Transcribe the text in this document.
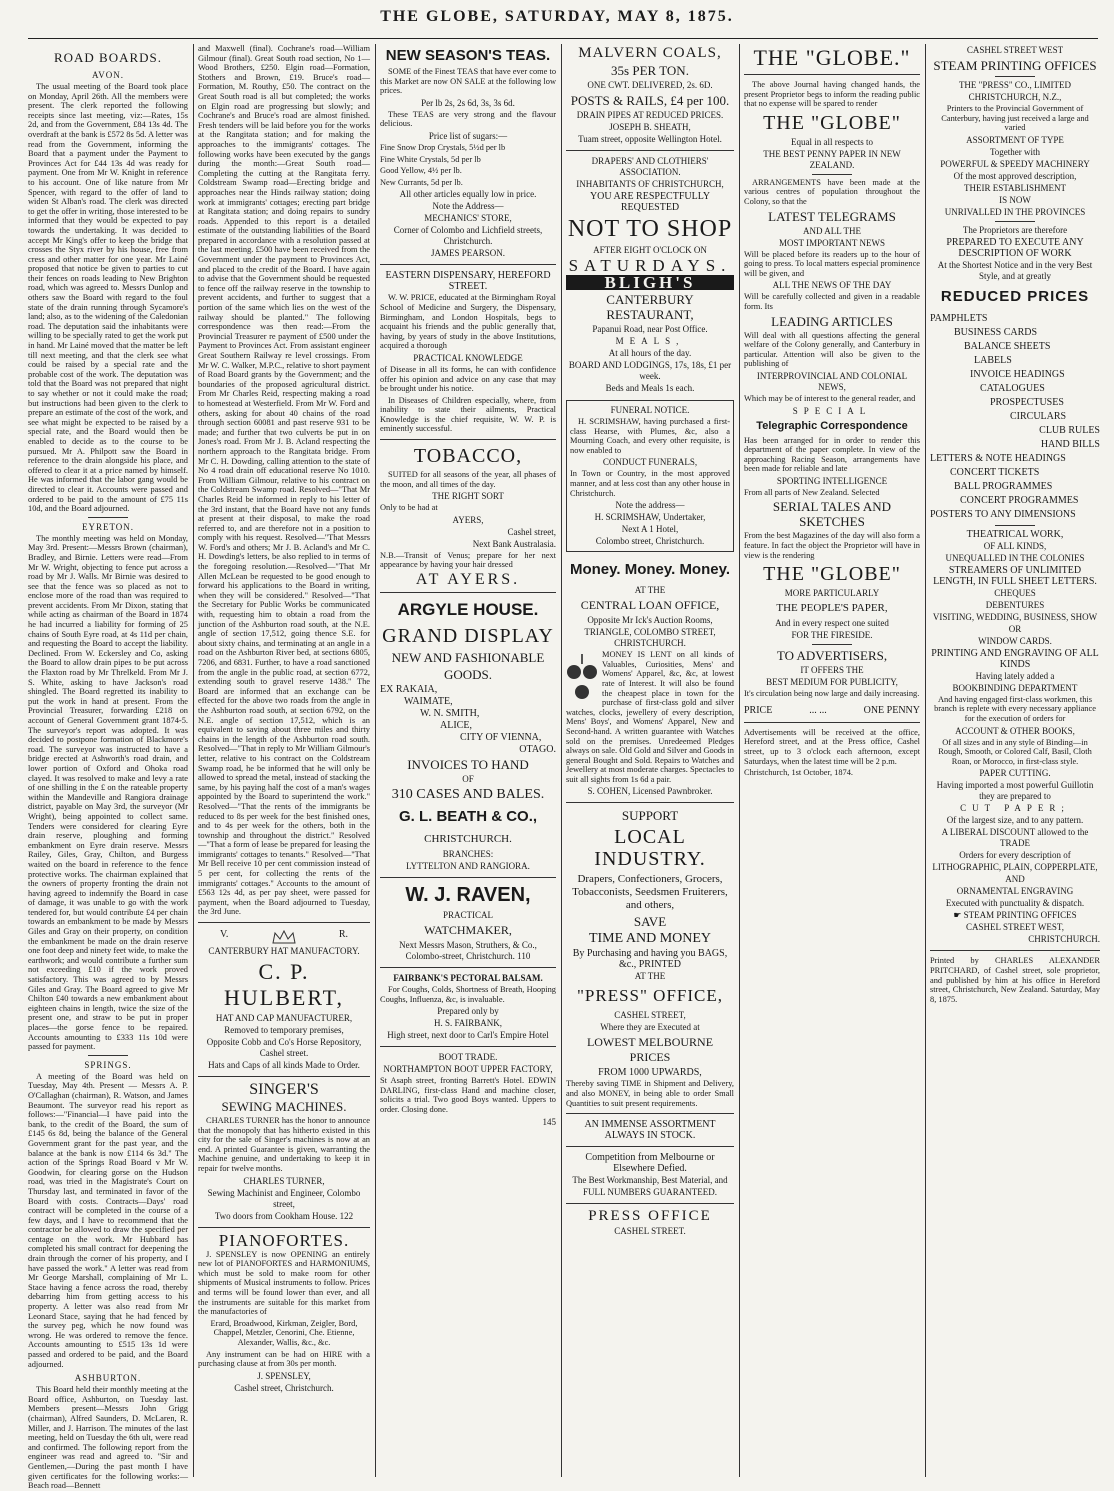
THE GLOBE, SATURDAY, MAY 8, 1875.
ROAD BOARDS.
AVON.

The usual meeting of the Board took place on Monday, April 26th. All the members were present. The clerk reported the following receipts since last meeting, viz:—Rates, 15s 2d, and from the Government, £84 13s 4d. The overdraft at the bank is £572 8s 5d. A letter was read from the Government, informing the Board that a payment under the Payment to Provinces Act for £44 13s 4d was ready for payment. One from Mr W. Knight in reference to his account. One of like nature from Mr Spencer, with regard to the offer of land to widen St Alban's road. The clerk was directed to get the offer in writing, those interested to be informed that they would be expected to pay towards the undertaking. It was decided to accept Mr King's offer to keep the bridge that crosses the Styx river by his house, free from cress and other matter for one year. Mr Lainé proposed that notice be given to parties to cut their fences on roads leading to New Brighton road, which was agreed to. Messrs Dunlop and others saw the Board with regard to the foul state of the drain running through Sycamore's land; also, as to the widening of the Caledonian road. The deputation said the inhabitants were willing to be specially rated to get the work put in hand. Mr Lainé moved that the matter be left till next meeting, and that the clerk see what could be raised by a special rate and the probable cost of the work. The deputation was told that the Board was not prepared that night to say whether or not it could make the road; but instructions had been given to the clerk to prepare an estimate of the cost of the work, and see what might be expected to be raised by a special rate, and the Board would then be enabled to decide as to the course to be pursued. Mr A. Philpott saw the Board in reference to the drain alongside his place, and offered to clear it at a price named by himself. He was informed that the labor gang would be directed to clear it. Accounts were passed and ordered to be paid to the amount of £75 11s 10d, and the Board adjourned.

EYRETON.

The monthly meeting was held on Monday, May 3rd. Present:—Messrs Brown (chairman), Bradley, and Birnie. Letters were read—From Mr W. Wright, objecting to fence put across a road by Mr J. Walls. Mr Birnie was desired to see that the fence was so placed as not to enclose more of the road than was required to prevent accidents. From Mr Dixon, stating that while acting as chairman of the Board in 1874 he had incurred a liability for forming of 25 chains of South Eyre road, at 4s 11d per chain, and requesting the Board to accept the liability. Declined. From W. Eckersley and Co, asking the Board to allow drain pipes to be put across the Flaxton road by Mr Threlkeld. From Mr J. S. White, asking to have Jackson's road shingled. The Board regretted its inability to put the work in hand at present. From the Provincial Treasurer, forwarding £218 on account of General Government grant 1874-5. The surveyor's report was adopted. It was decided to postpone formation of Blackmore's road. The surveyor was instructed to have a bridge erected at Ashworth's road drain, and lower portion of Oxford and Ohoka road clayed. It was resolved to make and levy a rate of one shilling in the £ on the rateable property within the Mandeville and Rangiora drainage district, payable on May 3rd, the surveyor (Mr Wright), being appointed to collect same. Tenders were considered for clearing Eyre drain reserve, ploughing and forming embankment on Eyre drain reserve. Messrs Railey, Giles, Gray, Chilton, and Burgess waited on the board in reference to the fence protective works. The chairman explained that the owners of property fronting the drain not having agreed to indemnify the Board in case of damage, it was unable to go with the work tendered for, but would contribute £4 per chain towards an embankment to be made by Messrs Giles and Gray on their property, on condition the embankment be made on the drain reserve one foot deep and ninety feet wide, to make the earthwork; and would contribute a further sum not exceeding £10 if the work proved satisfactory. This was agreed to by Messrs Giles and Gray. The Board agreed to give Mr Chilton £40 towards a new embankment about eighteen chains in length, twice the size of the present one, and straw to be put in proper places—the gorse fence to be repaired. Accounts amounting to £333 11s 10d were passed for payment.

SPRINGS.

A meeting of the Board was held on Tuesday, May 4th. Present — Messrs A. P. O'Callaghan (chairman), R. Watson, and James Beaumont. The surveyor read his report as follows:—"Financial—I have paid into the bank, to the credit of the Board, the sum of £145 6s 8d, being the balance of the General Government grant for the past year, and the balance at the bank is now £114 6s 3d." The action of the Springs Road Board v Mr W. Goodwin, for clearing gorse on the Hudson road, was tried in the Magistrate's Court on Thursday last, and terminated in favor of the Board with costs. Contracts—Days' road contract will be completed in the course of a few days, and I have to recommend that the contractor be allowed to draw the specified per centage on the work. Mr Hubbard has completed his small contract for deepening the drain through the corner of his property, and I have passed the work." A letter was read from Mr George Marshall, complaining of Mr L. Stace having a fence across the road, thereby debarring him from getting access to his property. A letter was also read from Mr Leonard Stace, saying that he had fenced by the survey peg, which he now found was wrong. He was ordered to remove the fence. Accounts amounting to £515 13s 1d were passed and ordered to be paid, and the Board adjourned.

ASHBURTON.

This Board held their monthly meeting at the Board office, Ashburton, on Tuesday last. Members present—Messrs John Grigg (chairman), Alfred Saunders, D. McLaren, R. Miller, and J. Harrison. The minutes of the last meeting, held on Tuesday the 6th ult, were read and confirmed. The following report from the engineer was read and agreed to. "Sir and Gentlemen,—During the past month I have given certificates for the following works:—Beach road—Bennett

and Maxwell (final). Cochrane's road—William Gilmour (final). Great South road section, No 1—Wood Brothers, £250. Elgin road—Formation, Stothers and Brown, £19. Bruce's road—Formation, M. Routhy, £50. The contract on the Great South road is all but completed; the works on Elgin road are progressing but slowly; and Cochrane's and Bruce's road are almost finished. Fresh tenders will be laid before you for the works at the Rangitata station; and for making the approaches to the immigrants' cottages. The following works have been executed by the gangs during the month:—Great South road—Completing the cutting at the Rangitata ferry. Coldstream Swamp road—Erecting bridge and approaches near the Hinds railway station; doing work at immigrants' cottages; erecting part bridge at Rangitata station; and doing repairs to sundry roads. Appended to this report is a detailed estimate of the outstanding liabilities of the Board prepared in accordance with a resolution passed at the last meeting. £500 have been received from the Government under the payment to Provinces Act, and placed to the credit of the Board. I have again to advise that the Government should be requested to fence off the railway reserve in the township to prevent accidents, and further to suggest that a portion of the same which lies on the west of the railway should be planted." The following correspondence was then read:—From the Provincial Treasurer re payment of £500 under the Payment to Provinces Act. From assistant engineer Great Southern Railway re level crossings. From Mr W. C. Walker, M.P.C., relative to short payment of Road Board grants by the Government; and the boundaries of the proposed agricultural district. From Mr Charles Reid, respecting making a road to homestead at Westerfield. From Mr W. Ford and others, asking for about 40 chains of the road through section 60081 and past reserve 931 to be made; and further that two culverts be put in on Jones's road. From Mr J. B. Acland respecting the northern approach to the Rangitata bridge. From Mr C. H. Dowding, calling attention to the state of No 4 road drain off educational reserve No 1010. From William Gilmour, relative to his contract on the Coldstream Swamp road. Resolved—"That Mr Charles Reid be informed in reply to his letter of the 3rd instant, that the Board have not any funds at present at their disposal, to make the road referred to, and are therefore not in a position to comply with his request. Resolved—"That Messrs W. Ford's and others; Mr J. B. Acland's and Mr C. H. Dowding's letters, be also replied to in terms of the foregoing resolution.—Resolved—"That Mr Allen McLean be requested to be good enough to forward his applications to the Board in writing, when they will be considered." Resolved—"That the Secretary for Public Works be communicated with, requesting him to obtain a road from the junction of the Ashburton road south, at the N.E. angle of section 17,512, going thence S.E. for about sixty chains, and terminating at an angle in a road on the Ashburton River bed, at sections 6805, 7206, and 6831. Further, to have a road sanctioned from the angle in the public road, at section 6772, extending south to gravel reserve 1438." The Board are informed that an exchange can be effected for the above two roads from the angle in the Ashburton road south, at section 6792, on the N.E. angle of section 17,512, which is an equivalent to saving about three miles and thirty chains in the length of the Ashburton road south. Resolved—"That in reply to Mr William Gilmour's letter, relative to his contract on the Coldstream Swamp road, he be informed that he will only be allowed to spread the metal, instead of stacking the same, by his paying half the cost of a man's wages appointed by the Board to superintend the work." Resolved—"That the rents of the immigrants be reduced to 8s per week for the best finished ones, and to 4s per week for the others, both in the township and throughout the district." Resolved—"That a form of lease be prepared for leasing the immigrants' cottages to tenants." Resolved—"That Mr Bell receive 10 per cent commission instead of 5 per cent, for collecting the rents of the immigrants' cottages." Accounts to the amount of £563 12s 4d, as per pay sheet, were passed for payment, when the Board adjourned to Tuesday, the 3rd June.

V.	R.
CANTERBURY HAT MANUFACTORY.
C. P. HULBERT,
HAT AND CAP MANUFACTURER,
Removed to temporary premises,
Opposite Cobb and Co's Horse Repository, Cashel street.
Hats and Caps of all kinds Made to Order.
SINGER'S
SEWING MACHINES.

CHARLES TURNER has the honor to announce that the monopoly that has hitherto existed in this city for the sale of Singer's machines is now at an end. A printed Guarantee is given, warranting the Machine genuine, and undertaking to keep it in repair for twelve months.

CHARLES TURNER,
Sewing Machinist and Engineer, Colombo street,
Two doors from Cookham House. 122
PIANOFORTES.

J. SPENSLEY is now OPENING an entirely new lot of PIANOFORTES and HARMONIUMS, which must be sold to make room for other shipments of Musical instruments to follow. Prices and terms will be found lower than ever, and all the instruments are suitable for this market from the manufactories of

Erard, Broadwood, Kirkman, Zeigler, Bord, Chappel, Metzler, Cenorini, Che. Etienne, Alexander, Wallis, &c., &c.

Any instrument can be had on HIRE with a purchasing clause at from 30s per month.

J. SPENSLEY,
Cashel street, Christchurch.
NEW SEASON'S TEAS.

SOME of the Finest TEAS that have ever come to this Market are now ON SALE at the following low prices.

Per lb 2s, 2s 6d, 3s, 3s 6d.

These TEAS are very strong and the flavour delicious.

Price list of sugars:—

Fine Snow Drop Crystals, 5½d per lb

Fine White Crystals, 5d per lb

Good Yellow, 4½ per lb.

New Currants, 5d per lb.

All other articles equally low in price.
Note the Address—
MECHANICS' STORE,
Corner of Colombo and Lichfield streets, Christchurch.
JAMES PEARSON.
EASTERN DISPENSARY, HEREFORD STREET.

W. W. PRICE, educated at the Birmingham Royal School of Medicine and Surgery, the Dispensary, Birmingham, and London Hospitals, begs to acquaint his friends and the public generally that, having, by years of study in the above Institutions, acquired a thorough

PRACTICAL KNOWLEDGE

of Disease in all its forms, he can with confidence offer his opinion and advice on any case that may be brought under his notice.

In Diseases of Children especially, where, from inability to state their ailments, Practical Knowledge is the chief requisite, W. W. P. is eminently successful.

TOBACCO,

SUITED for all seasons of the year, all phases of the moon, and all times of the day.

THE RIGHT SORT

Only to be had at

AYERS,
Cashel street,
Next Bank Australasia.

N.B.—Transit of Venus; prepare for her next appearance by having your hair dressed

AT AYERS.
ARGYLE HOUSE.
GRAND DISPLAY
NEW AND FASHIONABLE
GOODS.
EX RAKAIA,
WAIMATE,
W. N. SMITH,
ALICE,
CITY OF VIENNA,
OTAGO.
INVOICES TO HAND
OF
310 CASES AND BALES.
G. L. BEATH & CO.,
CHRISTCHURCH.
BRANCHES:
LYTTELTON AND RANGIORA.
W. J. RAVEN,
PRACTICAL
WATCHMAKER,
Next Messrs Mason, Struthers, & Co., Colombo-street, Christchurch. 110
FAIRBANK'S PECTORAL BALSAM.

For Coughs, Colds, Shortness of Breath, Hooping Coughs, Influenza, &c, is invaluable.

Prepared only by
H. S. FAIRBANK,
High street, next door to Carl's Empire Hotel
BOOT TRADE.
NORTHAMPTON BOOT UPPER FACTORY,

St Asaph street, fronting Barrett's Hotel. EDWIN DARLING, first-class Hand and machine closer, solicits a trial. Two good Boys wanted. Uppers to order. Closing done.

145
MALVERN COALS,
35s PER TON.
ONE CWT. DELIVERED, 2s. 6D.
POSTS & RAILS, £4 per 100.
DRAIN PIPES AT REDUCED PRICES.
JOSEPH B. SHEATH,
Tuam street, opposite Wellington Hotel.
DRAPERS' AND CLOTHIERS' ASSOCIATION.
INHABITANTS OF CHRISTCHURCH,
YOU ARE RESPECTFULLY REQUESTED
NOT TO SHOP
AFTER EIGHT O'CLOCK ON
SATURDAYS.
BLIGH'S
CANTERBURY RESTAURANT,
Papanui Road, near Post Office.
MEALS,
At all hours of the day.
BOARD AND LODGINGS, 17s, 18s, £1 per week.
Beds and Meals 1s each.
FUNERAL NOTICE.

H. SCRIMSHAW, having purchased a first-class Hearse, with Plumes, &c, also a Mourning Coach, and every other requisite, is now enabled to

CONDUCT FUNERALS,

In Town or Country, in the most approved manner, and at less cost than any other house in Christchurch.

Note the address—
H. SCRIMSHAW, Undertaker,
Next A 1 Hotel,
Colombo street, Christchurch.
Money. Money. Money.
AT THE
CENTRAL LOAN OFFICE,
Opposite Mr Ick's Auction Rooms,
TRIANGLE, COLOMBO STREET, CHRISTCHURCH.

MONEY IS LENT on all kinds of Valuables, Curiosities, Mens' and Womens' Apparel, &c, &c, at lowest rate of Interest. It will also be found the cheapest place in town for the purchase of first-class gold and silver watches, clocks, jewellery of every description, Mens' Boys', and Womens' Apparel, New and Second-hand. A written guarantee with Watches sold on the premises. Unredeemed Pledges always on sale. Old Gold and Silver and Goods in general Bought and Sold. Repairs to Watches and Jewellery at most moderate charges. Spectacles to suit all sights from 1s 6d a pair.

S. COHEN, Licensed Pawnbroker.
SUPPORT
LOCAL INDUSTRY.
Drapers, Confectioners, Grocers, Tobacconists, Seedsmen Fruiterers, and others,
SAVE
TIME AND MONEY
By Purchasing and having you BAGS, &c., PRINTED
AT THE
"PRESS" OFFICE,
CASHEL STREET,
Where they are Executed at
LOWEST MELBOURNE PRICES
FROM 1000 UPWARDS,

Thereby saving TIME in Shipment and Delivery, and also MONEY, in being able to order Small Quantities to suit present requirements.

AN IMMENSE ASSORTMENT ALWAYS IN STOCK.
Competition from Melbourne or Elsewhere Defied.
The Best Workmanship, Best Material, and
FULL NUMBERS GUARANTEED.
PRESS OFFICE
CASHEL STREET.
THE "GLOBE."

The above Journal having changed hands, the present Proprietor begs to inform the reading public that no expense will be spared to render

THE "GLOBE"
Equal in all respects to
THE BEST PENNY PAPER IN NEW ZEALAND.

ARRANGEMENTS have been made at the various centres of population throughout the Colony, so that the

LATEST TELEGRAMS
AND ALL THE
MOST IMPORTANT NEWS

Will be placed before its readers up to the hour of going to press. To local matters especial prominence will be given, and

ALL THE NEWS OF THE DAY

Will be carefully collected and given in a readable form. Its

LEADING ARTICLES

Will deal with all questions affecting the general welfare of the Colony generally, and Canterbury in particular. Attention will also be given to the publishing of

INTERPROVINCIAL AND COLONIAL NEWS,

Which may be of interest to the general reader, and

SPECIAL
Telegraphic Correspondence

Has been arranged for in order to render this department of the paper complete. In view of the approaching Racing Season, arrangements have been made for reliable and late

SPORTING INTELLIGENCE

From all parts of New Zealand. Selected

SERIAL TALES AND SKETCHES

From the best Magazines of the day will also form a feature. In fact the object the Proprietor will have in view is the rendering

THE "GLOBE"
MORE PARTICULARLY
THE PEOPLE'S PAPER,
And in every respect one suited
FOR THE FIRESIDE.
TO ADVERTISERS,
IT OFFERS THE
BEST MEDIUM FOR PUBLICITY,

It's circulation being now large and daily increasing.

PRICE	... ...	ONE PENNY

Advertisements will be received at the office, Hereford street, and at the Press office, Cashel street, up to 3 o'clock each afternoon, except Saturdays, when the latest time will be 2 p.m.

Christchurch, 1st October, 1874.

CASHEL STREET WEST
STEAM PRINTING OFFICES
THE "PRESS" CO., LIMITED
CHRISTCHURCH, N.Z.,

Printers to the Provincial Government of Canterbury, having just received a large and varied

ASSORTMENT OF TYPE
Together with
POWERFUL & SPEEDY MACHINERY
Of the most approved description,
THEIR ESTABLISHMENT
IS NOW
UNRIVALLED IN THE PROVINCES
The Proprietors are therefore
PREPARED TO EXECUTE ANY DESCRIPTION OF WORK
At the Shortest Notice and in the very Best Style, and at greatly
REDUCED PRICES
PAMPHLETS
BUSINESS CARDS
BALANCE SHEETS
LABELS
INVOICE HEADINGS
CATALOGUES
PROSPECTUSES
CIRCULARS
CLUB RULES
HAND BILLS
LETTERS & NOTE HEADINGS
CONCERT TICKETS
BALL PROGRAMMES
CONCERT PROGRAMMES
POSTERS TO ANY DIMENSIONS
THEATRICAL WORK,
OF ALL KINDS,
UNEQUALLED IN THE COLONIES
STREAMERS OF UNLIMITED LENGTH, IN FULL SHEET LETTERS.
CHEQUES
DEBENTURES
VISITING, WEDDING, BUSINESS, SHOW
OR
WINDOW CARDS.
PRINTING AND ENGRAVING OF ALL KINDS
Having lately added a
BOOKBINDING DEPARTMENT

And having engaged first-class workmen, this branch is replete with every necessary appliance for the execution of orders for

ACCOUNT & OTHER BOOKS,

Of all sizes and in any style of Binding—in Rough, Smooth, or Colored Calf, Basil, Cloth Roan, or Morocco, in first-class style.

PAPER CUTTING.
Having imported a most powerful Guillotin they are prepared to
CUT PAPER;
Of the largest size, and to any pattern.
A LIBERAL DISCOUNT allowed to the TRADE
Orders for every description of
LITHOGRAPHIC, PLAIN, COPPERPLATE,
AND
ORNAMENTAL ENGRAVING
Executed with punctuality & dispatch.
☛ STEAM PRINTING OFFICES
CASHEL STREET WEST,
CHRISTCHURCH.

Printed by CHARLES ALEXANDER PRITCHARD, of Cashel street, sole proprietor, and published by him at his office in Hereford street, Christchurch, New Zealand. Saturday, May 8, 1875.
